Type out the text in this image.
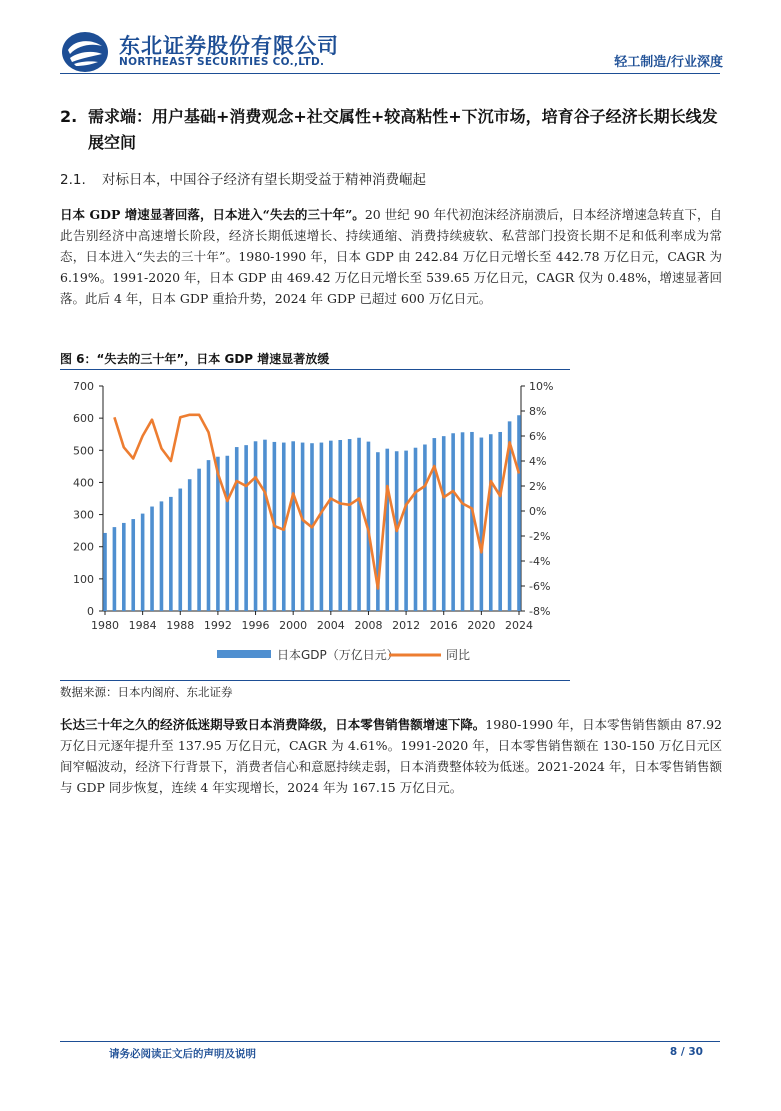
东北证券股份有限公司
NORTHEAST SECURITIES CO.,LTD.	轻工制造/行业深度
2. 需求端：用户基础+消费观念+社交属性+较高粘性+下沉市场，培育谷子经济长期长线发展空间
2.1. 对标日本，中国谷子经济有望长期受益于精神消费崛起

日本 GDP 增速显著回落，日本进入“失去的三十年”。20 世纪 90 年代初泡沫经济崩溃后，日本经济增速急转直下，自此告别经济中高速增长阶段，经济长期低速增长、持续通缩、消费持续疲软、私营部门投资长期不足和低利率成为常态，日本进入“失去的三十年”。1980-1990 年，日本 GDP 由 242.84 万亿日元增长至 442.78 万亿日元，CAGR 为 6.19%。1991-2020 年，日本 GDP 由 469.42 万亿日元增长至 539.65 万亿日元，CAGR 仅为 0.48%，增速显著回落。此后 4 年，日本 GDP 重拾升势，2024 年 GDP 已超过 600 万亿日元。

图 6：“失去的三十年”，日本 GDP 增速显著放缓
0
100
200
300
400
500
600
700
-8%
-6%
-4%
-2%
0%
2%
4%
6%
8%
10%
1980 1984 1988 1992 1996 2000 2004 2008 2012 2016 2020 2024
日本GDP（万亿日元）	同比
数据来源：日本内阁府、东北证券

长达三十年之久的经济低迷期导致日本消费降级，日本零售销售额增速下降。1980-1990 年，日本零售销售额由 87.92 万亿日元逐年提升至 137.95 万亿日元，CAGR 为 4.61%。1991-2020 年，日本零售销售额在 130-150 万亿日元区间窄幅波动，经济下行背景下，消费者信心和意愿持续走弱，日本消费整体较为低迷。2021-2024 年，日本零售销售额与 GDP 同步恢复，连续 4 年实现增长，2024 年为 167.15 万亿日元。

请务必阅读正文后的声明及说明	8 / 30
